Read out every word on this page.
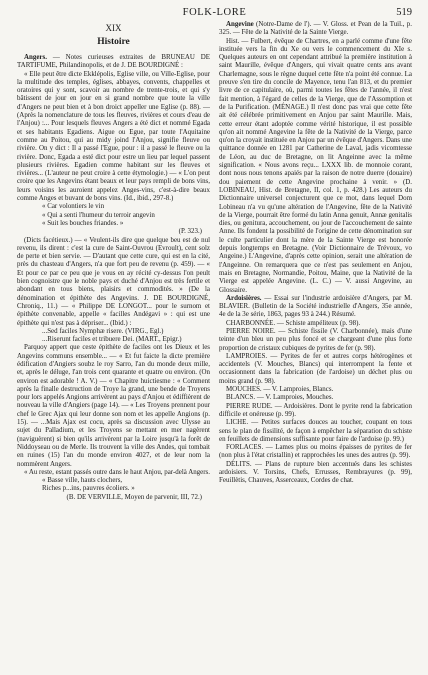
FOLK-LORE	519
XIX
Histoire

Angers. — Notes curieuses extraites de BRUNEAU DE TARTIFUME, Philandinopolis, et de J. DE BOURDIGNÉ :

« Elle peut être dicte Ekklépolis, Eglise ville, ou Ville-Eglise, pour la multitude des temples, églises, abbayes, convents, chappelles et oratoires qui y sont, scavoir au nombre de trente-trois, et qui s'y bâtissent de jour en jour en si grand nombre que toute la ville d'Angers ne peut bien et à bon droict appeller une Eglise (p. 88). — (Après la nomenclature de tous les fleuves, rivières et cours d'eau de l'Anjou) :... Pour lesquels fleuves Angers a été dict et nommé Egada et ses habitants Egadiens. Aigue ou Egue, par toute l'Aquitaine comme au Poitou, qui au midy joind l'Anjou, signifie fleuve ou rivière. On y dict : Il a passé l'Egue, pour : il a passé le fleuve ou la rivière. Donc, Egada a esté dict pour estre un lieu par lequel passent plusieurs rivières. Egadien comme habitant sur les fleuves et rivières... (L'auteur ne peut croire à cette étymologie.) — « L'on peut croire que les Angevins étant beaux et leur pays rempli de bons vins, leurs voisins les auroient appelez Anges-vins, c'est-à-dire beaux comme Anges et buvant de bons vins. (Id., ibid., 297-8.)

« Car volontiers le vin

« Qui a senti l'humeur du terroir angevin

« Suit les bouches friandes. »

(P. 323.)

(Dicts facétieux.) — « Veulent-ils dire que quelque beu est de nul revenu, ils dirent : c'est la cure de Saint-Ouvrou (Evroult), cent solz de perte et bien servie. — D'autant que cette cure, qui est en la cité, près du chasteau d'Angers, n'a que fort peu de revenu (p. 459). — « Et pour ce par ce peu que je vous en ay récité cy-dessus l'on peult bien cognoistre que le noble pays et duché d'Anjou est très fertile et abondant en tous biens, plaisirs et commodités. » (De la dénomination et épithète des Angevins. J. DE BOURDIGNÉ, Chroniq., 11.) — « Philippe DE LONGOT... pour le surnom et épithète convenable, appelle « facilles Andégavi » : qui est une épithète qui n'est pas à dépriser... (Ibid.) :

...Sed faciles Nymphæ risere. (VIRG., Egl.)

...Riserunt faciles et tribuere Dei. (MART., Epigr.)

Parquoy appert que ceste épithète de faciles ont les Dieux et les Angevins communs ensemble... — « Et fut faicte la dicte première édification d'Angiers soubz le roy Sarro, l'an du monde deux mille, et, après le déluge, l'an trois cent quarante et quatre ou environ. (On environ est adorable ! A. V.) — « Chapitre huictiesme : « Comment après la finalle destruction de Troye la grand, une bende de Troyens pour lors appelés Angions arrivèrent au pays d'Anjou et édiffièrent de nouveau la ville d'Angiers (page 14). — « Les Troyens prennent pour chef le Grec Ajax qui leur donne son nom et les appelle Angions (p. 15). — ...Mais Ajax est cocu, après sa discussion avec Ulysse au sujet du Palladium, et les Troyens se mettant en mer nagèrent (naviguèrent) si bien qu'ils arrivèrent par la Loire jusqu'à la forêt de Niddoyseau ou de Merle. Ils trouvent la ville des Andes, qui tombait en ruines (15) l'an du monde environ 4027, et de leur nom la nommèrent Angers.

« Au reste, estant passés outre dans le haut Anjou, par-delà Angers.

« Basse ville, hauts clochers,

Riches p...ins, pauvres écoliers. »

(B. DE VERVILLE, Moyen de parvenir, III, 72.)

Angevine (Notre-Dame de l'). — V. Gloss. et Pean de la Tuil., p. 325. — Fête de la Nativité de la Sainte Vierge.

Hist. — Fulbert, évêque de Chartres, en a parlé comme d'une fête instituée vers la fin du Xe ou vers le commencement du XIe s. Quelques auteurs en ont cependant attribué la première institution à saint Maurille, évêque d'Angers, qui vivait quatre cents ans avant Charlemagne, sous le règne duquel cette fête n'a point été connue. La preuve s'en tire du concile de Mayence, tenu l'an 813, et du premier livre de ce capitulaire, où, parmi toutes les fêtes de l'année, il n'est fait mention, à l'égard de celles de la Vierge, que de l'Assomption et de la Purification. (MÉNAGE.) Il n'est donc pas vrai que cette fête ait été célébrée primitivement en Anjou par saint Maurille. Mais, cette erreur étant adoptée comme vérité historique, il est possible qu'on ait nommé Angevine la fête de la Nativité de la Vierge, parce qu'on la croyait instituée en Anjou par un évêque d'Angers. Dans une quittance donnée en 1281 par Catherine de Laval, jadis vicomtesse de Léon, au duc de Bretagne, on lit Angeinne avec la même signification. « Nous avons reçu... LXXX lib. de monnoie corant, dont nous nous tenons apaiés par la raison de notre duerre (douaire) dou paiement de cette Angevine prochaine à venir. » (D. LOBINEAU, Hist. de Bretagne, II, col. 1, p. 428.) Les auteurs du Dictionnaire universel conjecturent que ce mot, dans lequel Dom Lobineau n'a vu qu'une altération de l'Angevine, fête de la Nativité de la Vierge, pourrait être formé du latin Anna genuit, Annæ genitalis dies, ou genitura, accouchement, ou jour de l'accouchement de sainte Anne. Ils fondent la possibilité de l'origine de cette dénomination sur le culte particulier dont la mère de la Sainte Vierge est honorée depuis longtemps en Bretagne. (Voir Dictionnaire de Trévoux, vo Angeine.) L'Angevine, d'après cette opinion, serait une altération de l'Angeinne. On remarquera que ce n'est pas seulement en Anjou, mais en Bretagne, Normandie, Poitou, Maine, que la Nativité de la Vierge est appelée Angevine. (L. C.) — V. aussi Angevine, au Glossaire.

Ardoisières. — Essai sur l'industrie ardoisière d'Angers, par M. BLAVIER. (Bulletin de la Société industrielle d'Angers, 35e année, 4e de la 3e série, 1863, pages 93 à 244.) Résumé.

CHARBONNÉE. — Schiste ampéliteux (p. 98).

PIERRE NOIRE. — Schiste fissile (V. Charbonnée), mais d'une teinte d'un bleu un peu plus foncé et se chargeant d'une plus forte proportion de cristaux cubiques de pyrites de fer (p. 98).

LAMPROIES. — Pyrites de fer et autres corps hétérogènes et accidentels (V. Mouches, Blancs) qui interrompent la fente et occasionnent dans la fabrication (de l'ardoise) un déchet plus ou moins grand (p. 98).

MOUCHES. — V. Lamproies, Blancs.

BLANCS. — V. Lamproies, Mouches.

PIERRE RUDE. — Ardoisières. Dont le pyrite rend la fabrication difficile et onéreuse (p. 99).

LICHE. — Petites surfaces douces au toucher, coupant en tous sens le plan de fissilité, de façon à empêcher la séparation du schiste en feuillets de dimensions suffisante pour faire de l'ardoise (p. 99.)

FORLACES. — Lames plus ou moins épaisses de pyrites de fer (non plus à l'état cristallin) et rapprochées les unes des autres (p. 99).

DÉLITS. — Plans de rupture bien accentués dans les schistes ardoisiers. V. Torsins, Chefs, Errusses, Rembrayures (p. 99), Feuillètis, Chauves, Asserceaux, Cordes de chat.
